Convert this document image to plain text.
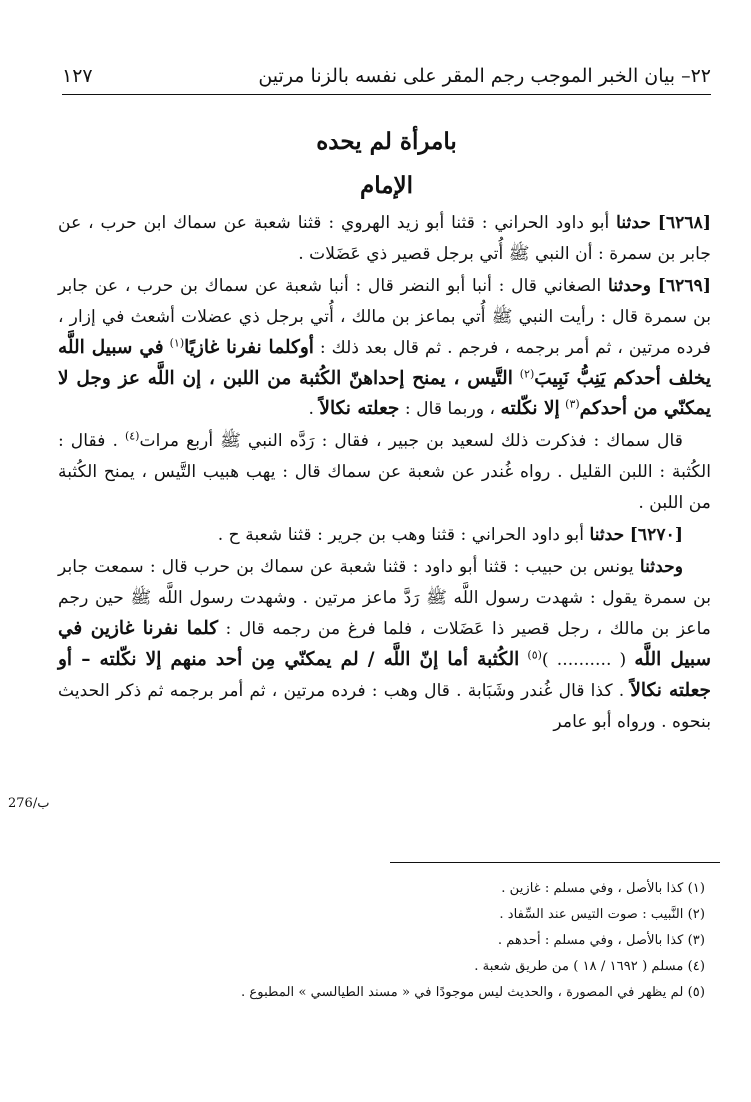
٢٢– بيان الخبر الموجب رجم المقر على نفسه بالزنا مرتين
١٢٧
بامرأة لم يحده
الإمام

[٦٢٦٨] حدثنا أبو داود الحراني : قثنا أبو زيد الهروي : قثنا شعبة عن سماك ابن حرب ، عن جابر بن سمرة : أن النبي ﷺ أُتي برجل قصير ذي عَضَلات .

[٦٢٦٩] وحدثنا الصغاني قال : أنبا أبو النضر قال : أنبا شعبة عن سماك بن حرب ، عن جابر بن سمرة قال : رأيت النبي ﷺ أُتي بماعز بن مالك ، أُتي برجل ذي عضلات أشعث في إزار ، فرده مرتين ، ثم أمر برجمه ، فرجم . ثم قال بعد ذلك : أوكلما نفرنا غازيًا$^{(١)}$ في سبيل اللَّه يخلف أحدكم يَنِبُّ نَبِيبَ$^{(٢)}$ التَّيس ، يمنح إحداهنّ الكُثبة من اللبن ، إن اللَّه عز وجل لا يمكنّي من أحدكم$^{(٣)}$ إلا نكّلته ، وربما قال : جعلته نكالاً .

قال سماك : فذكرت ذلك لسعيد بن جبير ، فقال : رَدَّه النبي ﷺ أربع مرات$^{(٤)}$ . فقال : الكُثبة : اللبن القليل . رواه غُندر عن شعبة عن سماك قال : يهب هبيب التَّيس ، يمنح الكُثبة من اللبن .

[٦٢٧٠] حدثنا أبو داود الحراني : قثنا وهب بن جرير : قثنا شعبة ح .

وحدثنا يونس بن حبيب : قثنا أبو داود : قثنا شعبة عن سماك بن حرب قال : سمعت جابر بن سمرة يقول : شهدت رسول اللَّه ﷺ رَدَّ ماعز مرتين . وشهدت رسول اللَّه ﷺ حين رجم ماعز بن مالك ، رجل قصير ذا عَضَلات ، فلما فرغ من رجمه قال : كلما نفرنا غازين في سبيل اللَّه ( .......... )$^{(٥)}$ الكُثبة أما إنّ اللَّه / لم يمكنّي مِن أحد منهم إلا نكّلته – أو جعلته نكالاً . كذا قال غُندر وشَبَابة . قال وهب : فرده مرتين ، ثم أمر برجمه ثم ذكر الحديث بنحوه . ورواه أبو عامر

276/ب

(١) كذا بالأصل ، وفي مسلم : غازين .

(٢) النَّبيب : صوت التيس عند السِّفاد .

(٣) كذا بالأصل ، وفي مسلم : أحدهم .

(٤) مسلم ( ١٦٩٢ / ١٨ ) من طريق شعبة .

(٥) لم يظهر في المصورة ، والحديث ليس موجودًا في « مسند الطيالسي » المطبوع .
